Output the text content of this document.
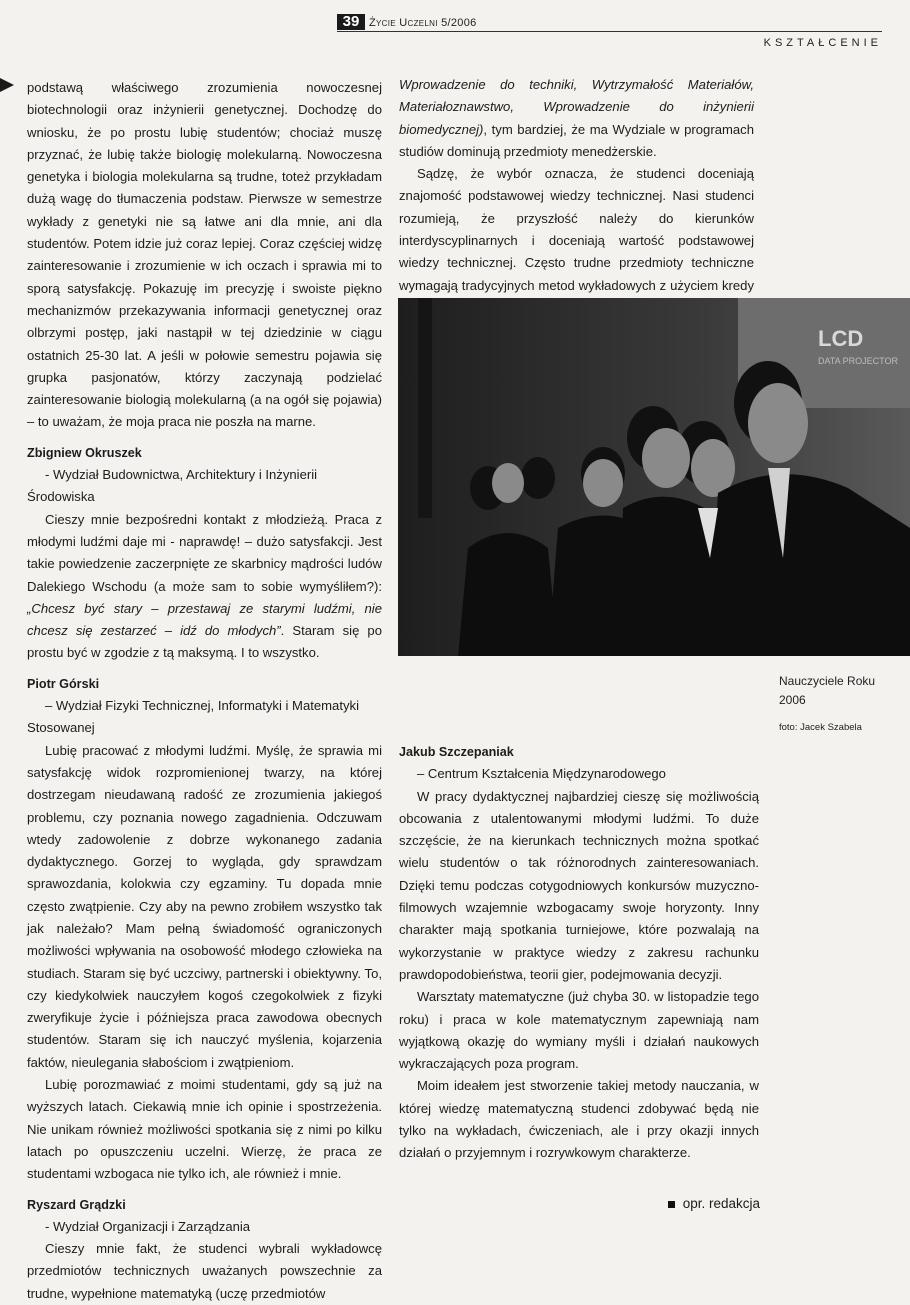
39 Życie Uczelni 5/2006
KSZTAŁCENIE

podstawą właściwego zrozumienia nowoczesnej biotechnologii oraz inżynierii genetycznej. Dochodzę do wniosku, że po prostu lubię studentów; chociaż muszę przyznać, że lubię także biologię molekularną. Nowoczesna genetyka i biologia molekularna są trudne, toteż przykładam dużą wagę do tłumaczenia podstaw. Pierwsze w semestrze wykłady z genetyki nie są łatwe ani dla mnie, ani dla studentów. Potem idzie już coraz lepiej. Coraz częściej widzę zainteresowanie i zrozumienie w ich oczach i sprawia mi to sporą satysfakcję. Pokazuję im precyzję i swoiste piękno mechanizmów przekazywania informacji genetycznej oraz olbrzymi postęp, jaki nastąpił w tej dziedzinie w ciągu ostatnich 25-30 lat. A jeśli w połowie semestru pojawia się grupka pasjonatów, którzy zaczynają podzielać zainteresowanie biologią molekularną (a na ogół się pojawia) – to uważam, że moja praca nie poszła na marne.

Zbigniew Okruszek

- Wydział Budownictwa, Architektury i Inżynierii Środowiska

Cieszy mnie bezpośredni kontakt z młodzieżą. Praca z młodymi ludźmi daje mi - naprawdę! – dużo satysfakcji. Jest takie powiedzenie zaczerpnięte ze skarbnicy mądrości ludów Dalekiego Wschodu (a może sam to sobie wymyśliłem?): „Chcesz być stary – przestawaj ze starymi ludźmi, nie chcesz się zestarzeć – idź do młodych”. Staram się po prostu być w zgodzie z tą maksymą. I to wszystko.

Piotr Górski

– Wydział Fizyki Technicznej, Informatyki i Matematyki Stosowanej

Lubię pracować z młodymi ludźmi. Myślę, że sprawia mi satysfakcję widok rozpromienionej twarzy, na której dostrzegam nieudawaną radość ze zrozumienia jakiegoś problemu, czy poznania nowego zagadnienia. Odczuwam wtedy zadowolenie z dobrze wykonanego zadania dydaktycznego. Gorzej to wygląda, gdy sprawdzam sprawozdania, kolokwia czy egzaminy. Tu dopada mnie często zwątpienie. Czy aby na pewno zrobiłem wszystko tak jak należało? Mam pełną świadomość ograniczonych możliwości wpływania na osobowość młodego człowieka na studiach. Staram się być uczciwy, partnerski i obiektywny. To, czy kiedykolwiek nauczyłem kogoś czegokolwiek z fizyki zweryfikuje życie i późniejsza praca zawodowa obecnych studentów. Staram się ich nauczyć myślenia, kojarzenia faktów, nieulegania słabościom i zwątpieniom.

Lubię porozmawiać z moimi studentami, gdy są już na wyższych latach. Ciekawią mnie ich opinie i spostrzeżenia. Nie unikam również możliwości spotkania się z nimi po kilku latach po opuszczeniu uczelni. Wierzę, że praca ze studentami wzbogaca nie tylko ich, ale również i mnie.

Ryszard Grądzki

- Wydział Organizacji i Zarządzania

Cieszy mnie fakt, że studenci wybrali wykładowcę przedmiotów technicznych uważanych powszechnie za trudne, wypełnione matematyką (uczę przedmiotów

Wprowadzenie do techniki, Wytrzymałość Materiałów, Materiałoznawstwo, Wprowadzenie do inżynierii biomedycznej), tym bardziej, że ma Wydziale w programach studiów dominują przedmioty menedżerskie.

Sądzę, że wybór oznacza, że studenci doceniają znajomość podstawowej wiedzy technicznej. Nasi studenci rozumieją, że przyszłość należy do kierunków interdyscyplinarnych i doceniają wartość podstawowej wiedzy technicznej. Często trudne przedmioty techniczne wymagają tradycyjnych metod wykładowych z użyciem kredy

LCD
DATA PROJECTOR
Nauczyciele Roku 2006
foto: Jacek Szabela

Jakub Szczepaniak

– Centrum Kształcenia Międzynarodowego

W pracy dydaktycznej najbardziej cieszę się możliwością obcowania z utalentowanymi młodymi ludźmi. To duże szczęście, że na kierunkach technicznych można spotkać wielu studentów o tak różnorodnych zainteresowaniach. Dzięki temu podczas cotygodniowych konkursów muzyczno-filmowych wzajemnie wzbogacamy swoje horyzonty. Inny charakter mają spotkania turniejowe, które pozwalają na wykorzystanie w praktyce wiedzy z zakresu rachunku prawdopodobieństwa, teorii gier, podejmowania decyzji.

Warsztaty matematyczne (już chyba 30. w listopadzie tego roku) i praca w kole matematycznym zapewniają nam wyjątkową okazję do wymiany myśli i działań naukowych wykraczających poza program.

Moim ideałem jest stworzenie takiej metody nauczania, w której wiedzę matematyczną studenci zdobywać będą nie tylko na wykładach, ćwiczeniach, ale i przy okazji innych działań o przyjemnym i rozrywkowym charakterze.

opr. redakcja
